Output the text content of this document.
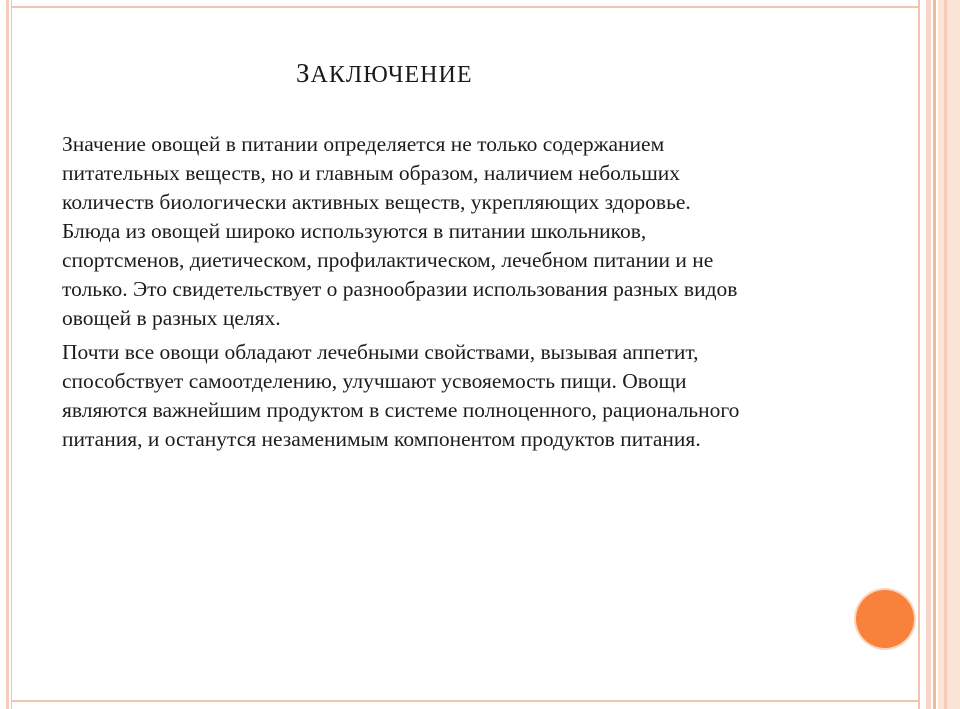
ЗАКЛЮЧЕНИЕ

Значение овощей в питании определяется не только содержанием питательных веществ, но и главным образом, наличием небольших количеств биологически активных веществ, укрепляющих здоровье. Блюда из овощей широко используются в питании школьников, спортсменов, диетическом, профилактическом, лечебном питании и не только. Это свидетельствует о разнообразии использования разных видов овощей в разных целях.

Почти все овощи обладают лечебными свойствами, вызывая аппетит, способствует самоотделению, улучшают усвояемость пищи. Овощи являются важнейшим продуктом в системе полноценного, рационального питания, и останутся незаменимым компонентом продуктов питания.
